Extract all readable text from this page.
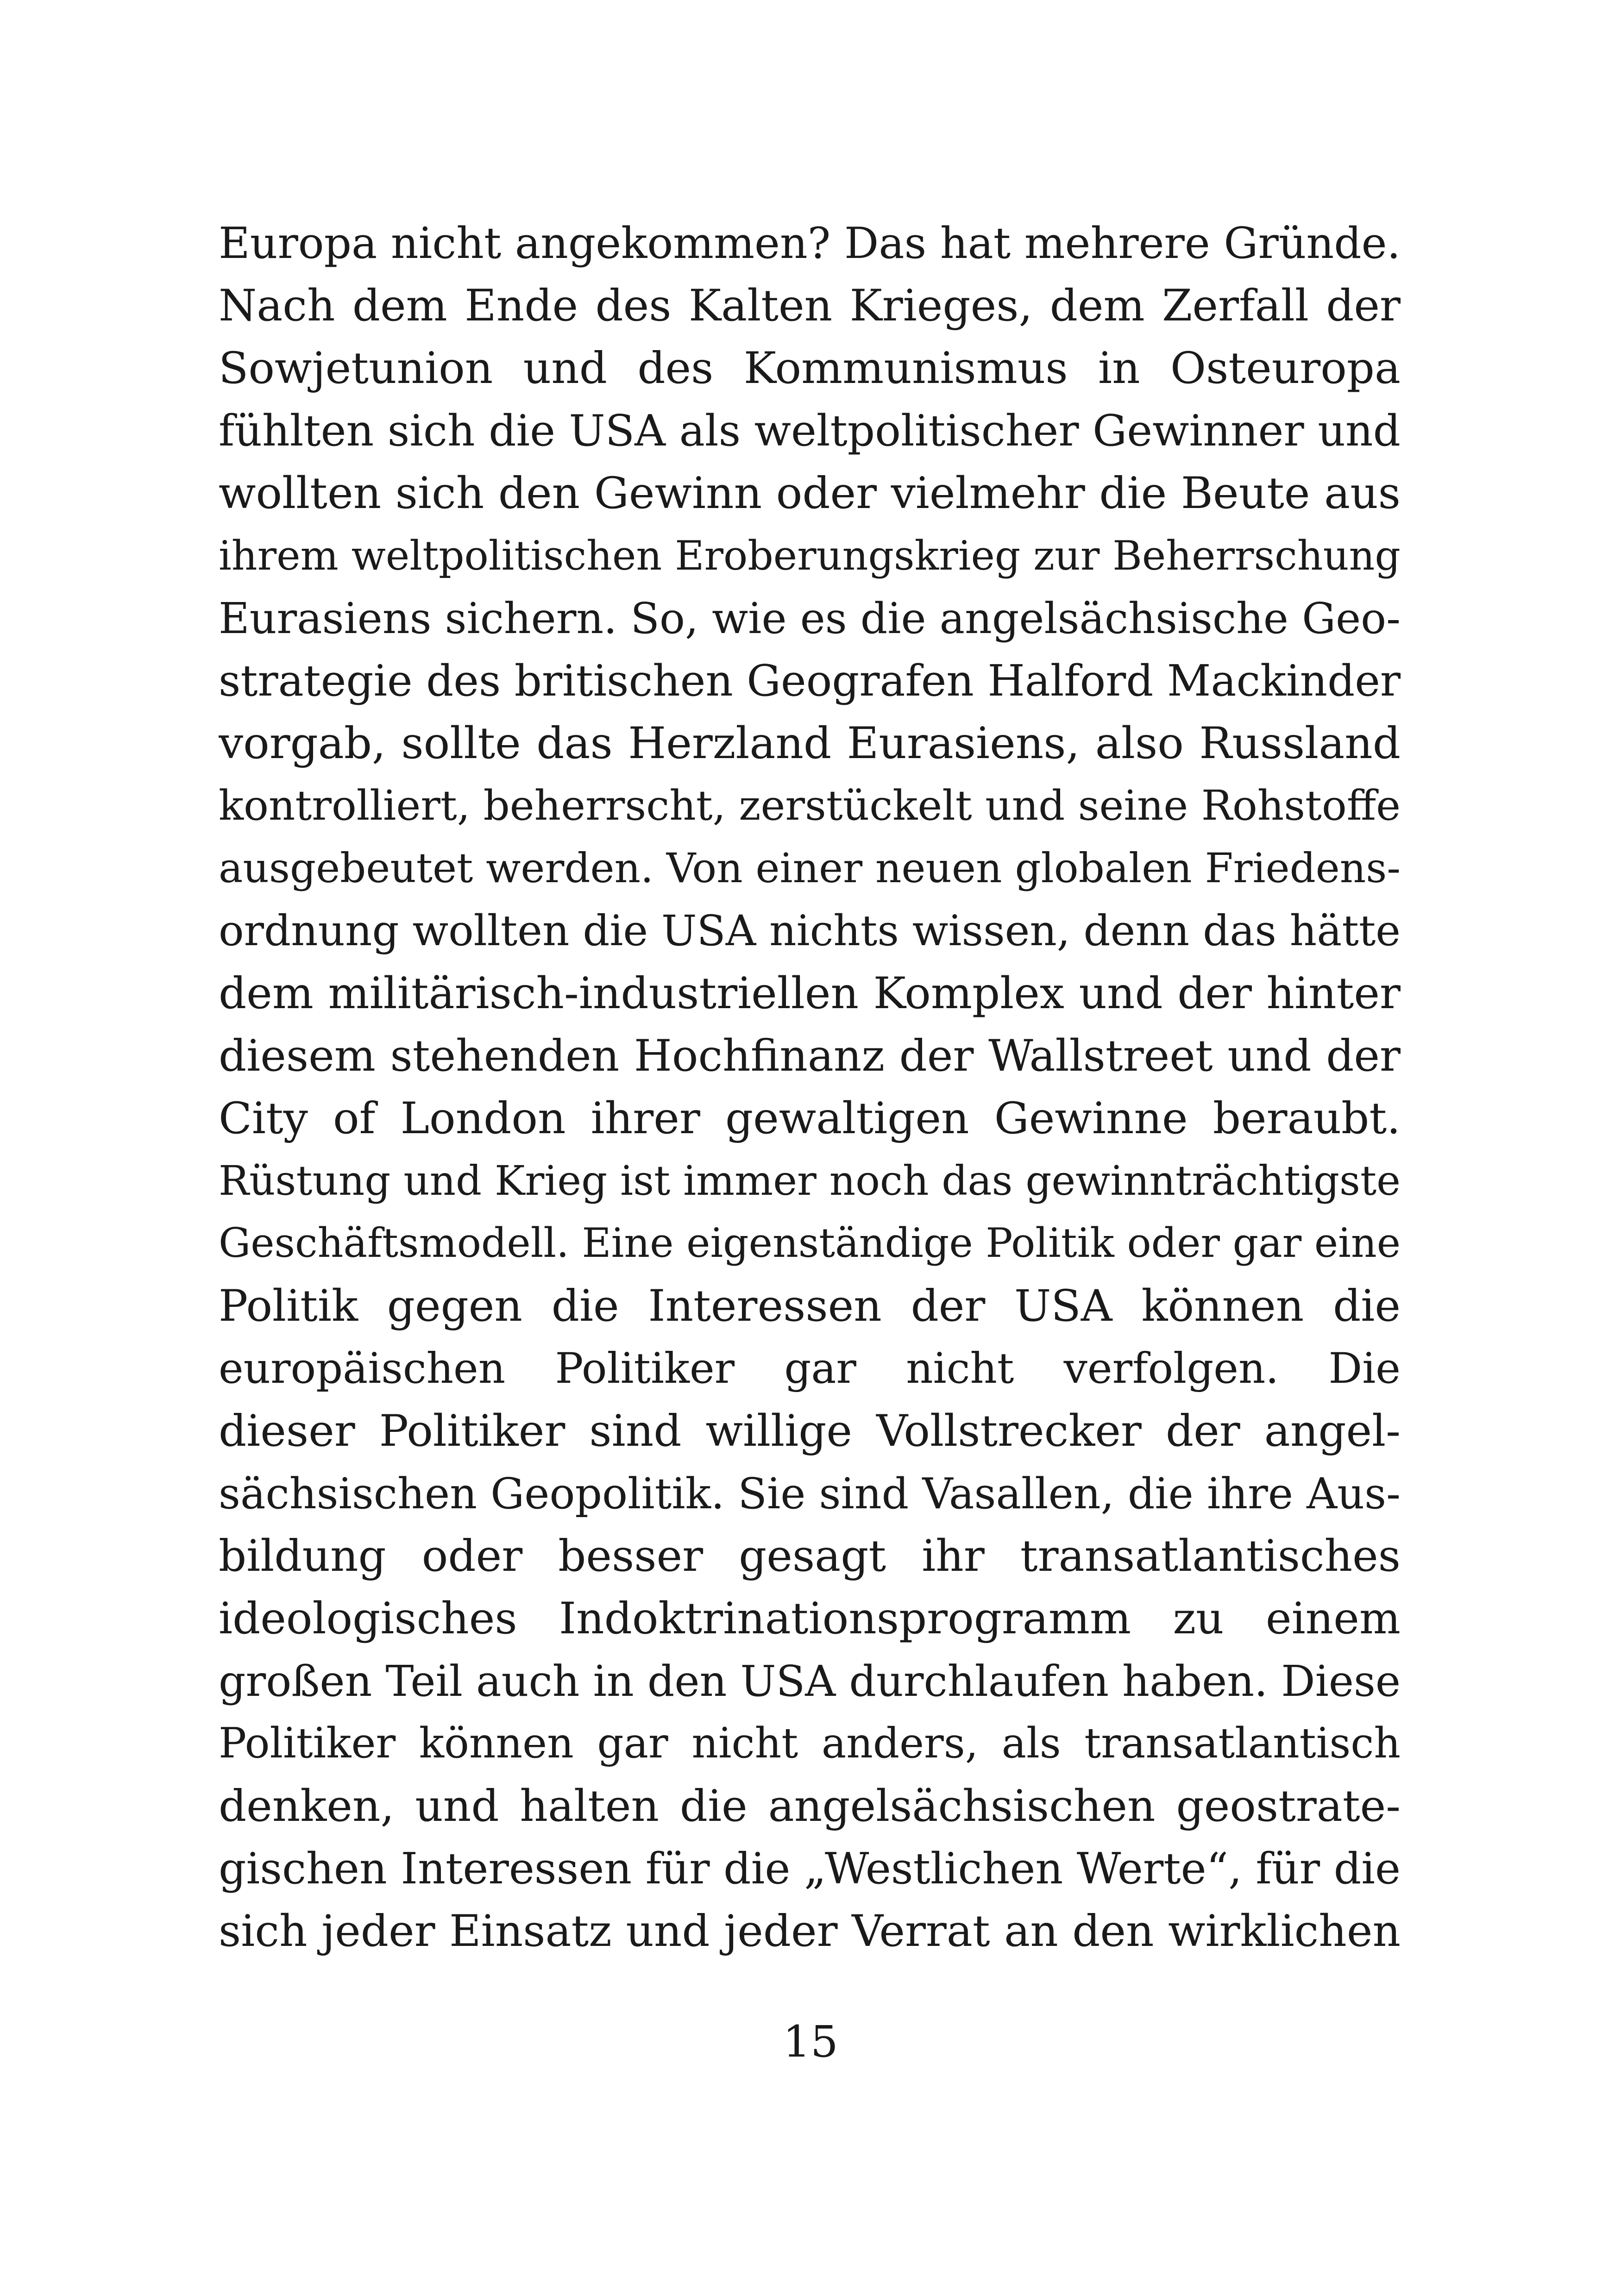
Europa nicht angekommen? Das hat mehrere Gründe.
Nach dem Ende des Kalten Krieges, dem Zerfall der
Sowjetunion und des Kommunismus in Osteuropa
fühlten sich die USA als weltpolitischer Gewinner und
wollten sich den Gewinn oder vielmehr die Beute aus
ihrem weltpolitischen Eroberungskrieg zur Beherrschung
Eurasiens sichern. So, wie es die angelsächsische Geo-
strategie des britischen Geografen Halford Mackinder
vorgab, sollte das Herzland Eurasiens, also Russland
kontrolliert, beherrscht, zerstückelt und seine Rohstoffe
ausgebeutet werden. Von einer neuen globalen Friedens-
ordnung wollten die USA nichts wissen, denn das hätte
dem militärisch-industriellen Komplex und der hinter
diesem stehenden Hochfinanz der Wallstreet und der
City of London ihrer gewaltigen Gewinne beraubt.
Rüstung und Krieg ist immer noch das gewinnträchtigste
Geschäftsmodell. Eine eigenständige Politik oder gar eine
Politik gegen die Interessen der USA können die
europäischen Politiker gar nicht verfolgen. Die
dieser Politiker sind willige Vollstrecker der angel-
sächsischen Geopolitik. Sie sind Vasallen, die ihre Aus-
bildung oder besser gesagt ihr transatlantisches
ideologisches Indoktrinationsprogramm zu einem
großen Teil auch in den USA durchlaufen haben. Diese
Politiker können gar nicht anders, als transatlantisch
denken, und halten die angelsächsischen geostrate-
gischen Interessen für die „Westlichen Werte“, für die
sich jeder Einsatz und jeder Verrat an den wirklichen
15
